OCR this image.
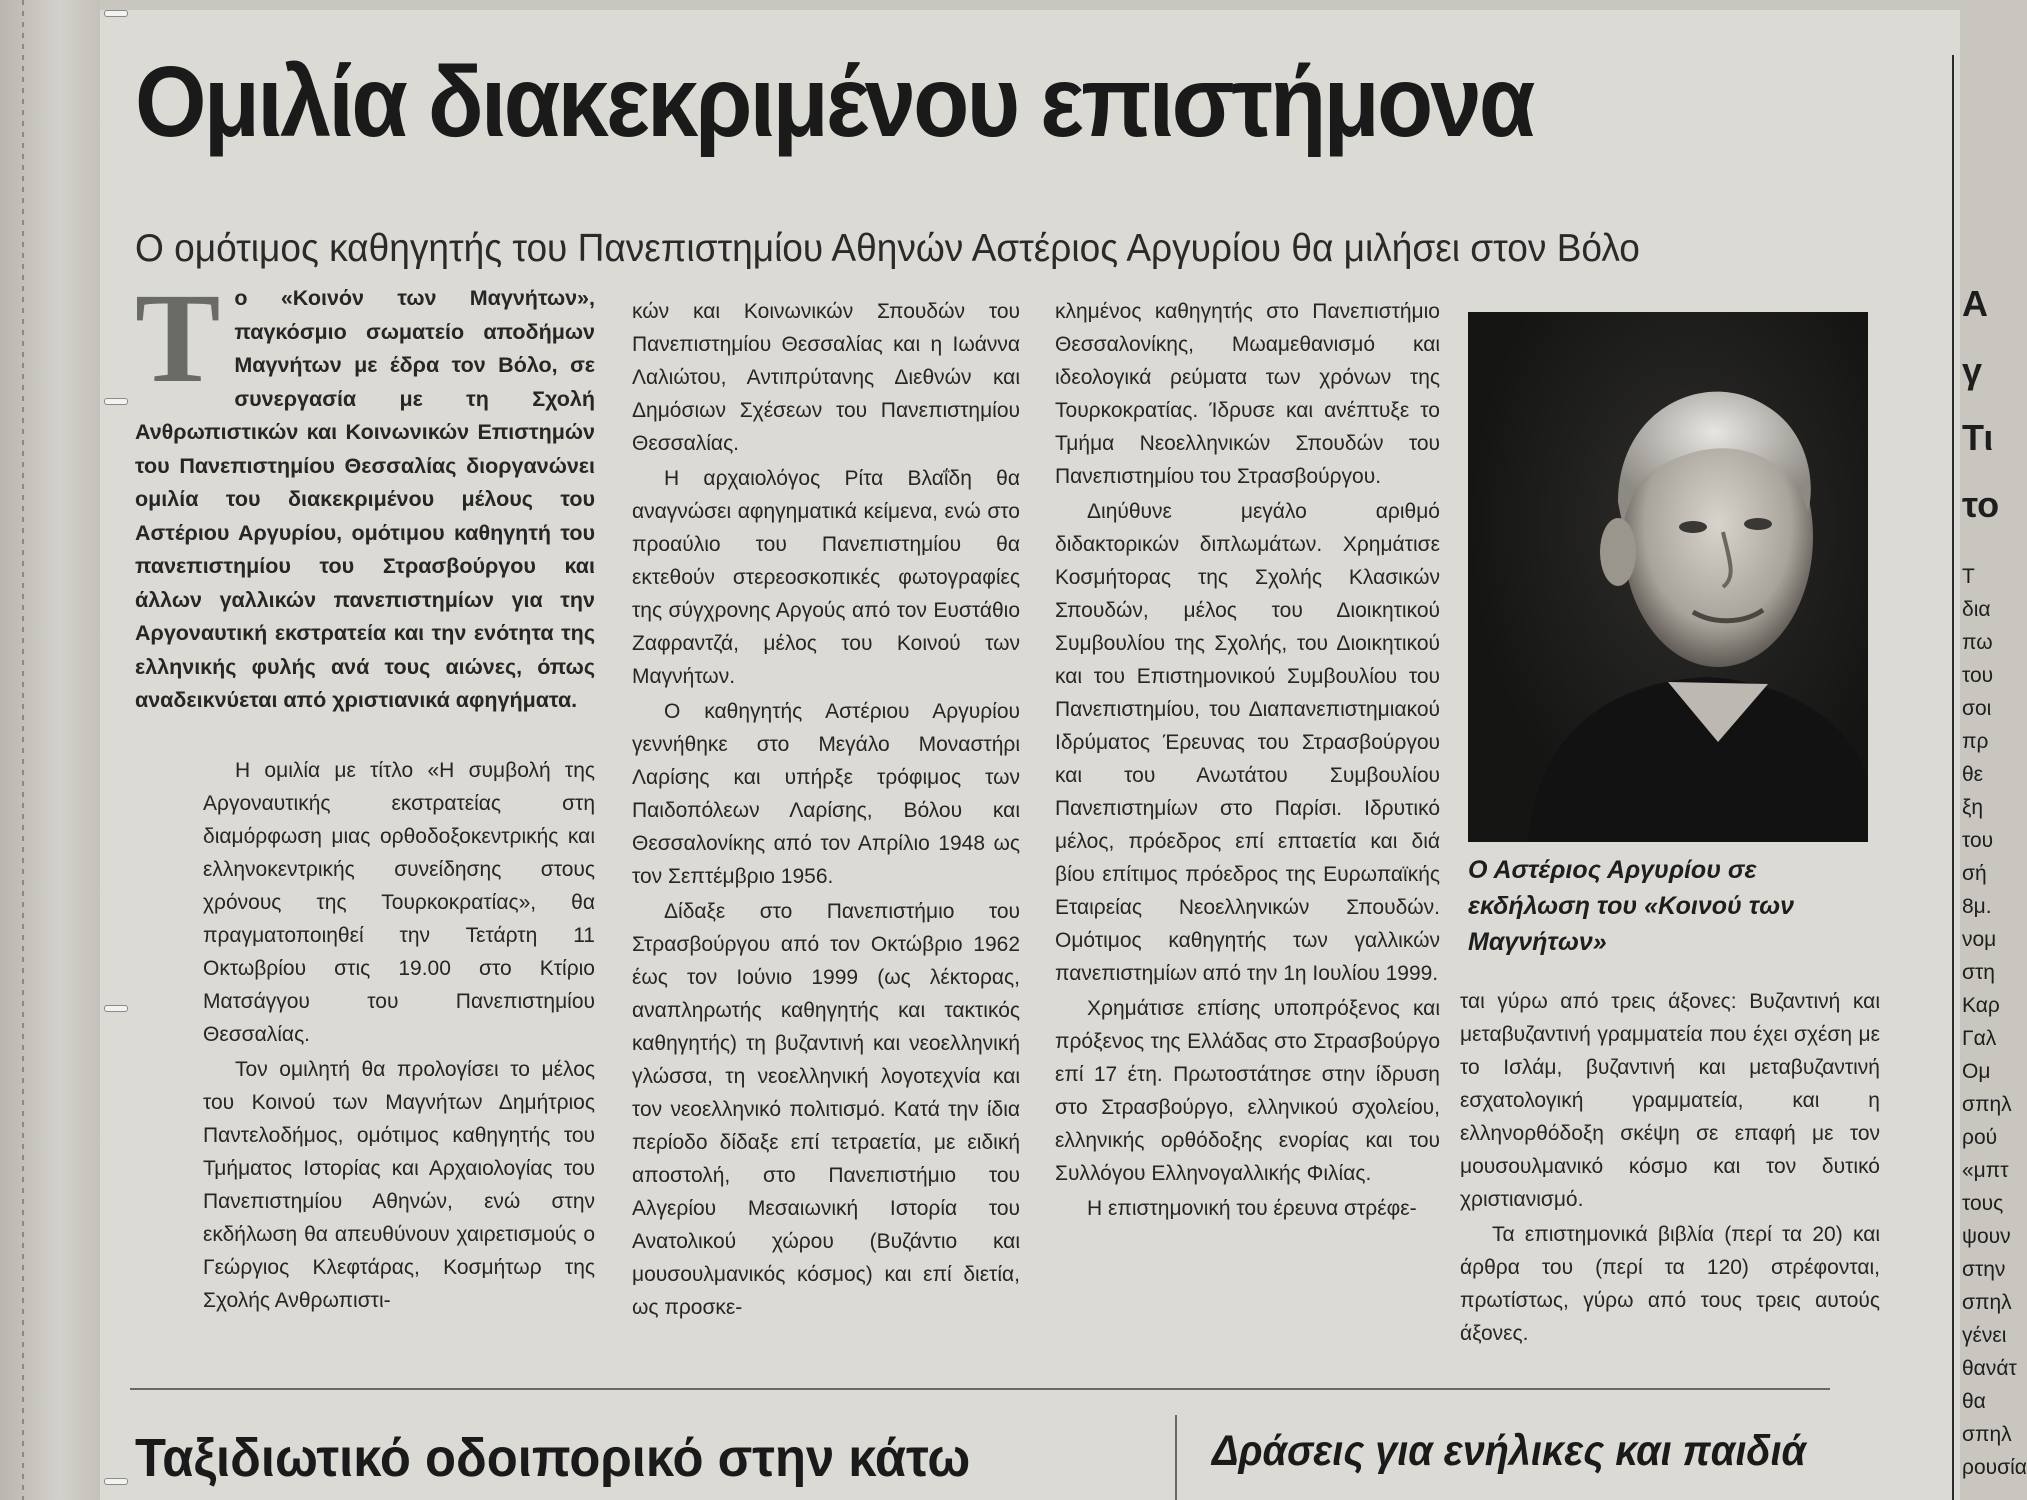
Ομιλία διακεκριμένου επιστήμονα
Ο ομότιμος καθηγητής του Πανεπιστημίου Αθηνών Αστέριος Αργυρίου θα μιλήσει στον Βόλο
Το «Κοινόν των Μαγνήτων», παγκόσμιο σωματείο αποδήμων Μαγνήτων με έδρα τον Βόλο, σε συνεργασία με τη Σχολή Ανθρωπιστικών και Κοινωνικών Επιστημών του Πανεπιστημίου Θεσσαλίας διοργανώνει ομιλία του διακεκριμένου μέλους του Αστέριου Αργυρίου, ομότιμου καθηγητή του πανεπιστημίου του Στρασβούργου και άλλων γαλλικών πανεπιστημίων για την Αργοναυτική εκστρατεία και την ενότητα της ελληνικής φυλής ανά τους αιώνες, όπως αναδεικνύεται από χριστιανικά αφηγήματα.

Η ομιλία με τίτλο «Η συμβολή της Αργοναυτικής εκστρατείας στη διαμόρφωση μιας ορθοδοξοκεντρικής και ελληνοκεντρικής συνείδησης στους χρόνους της Τουρκοκρατίας», θα πραγματοποιηθεί την Τετάρτη 11 Οκτωβρίου στις 19.00 στο Κτίριο Ματσάγγου του Πανεπιστημίου Θεσσαλίας.

Τον ομιλητή θα προλογίσει το μέλος του Κοινού των Μαγνήτων Δημήτριος Παντελοδήμος, ομότιμος καθηγητής του Τμήματος Ιστορίας και Αρχαιολογίας του Πανεπιστημίου Αθηνών, ενώ στην εκδήλωση θα απευθύνουν χαιρετισμούς ο Γεώργιος Κλεφτάρας, Κοσμήτωρ της Σχολής Ανθρωπιστι-

κών και Κοινωνικών Σπουδών του Πανεπιστημίου Θεσσαλίας και η Ιωάννα Λαλιώτου, Αντιπρύτανης Διεθνών και Δημόσιων Σχέσεων του Πανεπιστημίου Θεσσαλίας.

Η αρχαιολόγος Ρίτα Βλαΐδη θα αναγνώσει αφηγηματικά κείμενα, ενώ στο προαύλιο του Πανεπιστημίου θα εκτεθούν στερεοσκοπικές φωτογραφίες της σύγχρονης Αργούς από τον Ευστάθιο Ζαφραντζά, μέλος του Κοινού των Μαγνήτων.

Ο καθηγητής Αστέριου Αργυρίου γεννήθηκε στο Μεγάλο Μοναστήρι Λαρίσης και υπήρξε τρόφιμος των Παιδοπόλεων Λαρίσης, Βόλου και Θεσσαλονίκης από τον Απρίλιο 1948 ως τον Σεπτέμβριο 1956.

Δίδαξε στο Πανεπιστήμιο του Στρασβούργου από τον Οκτώβριο 1962 έως τον Ιούνιο 1999 (ως λέκτορας, αναπληρωτής καθηγητής και τακτικός καθηγητής) τη βυζαντινή και νεοελληνική γλώσσα, τη νεοελληνική λογοτεχνία και τον νεοελληνικό πολιτισμό. Κατά την ίδια περίοδο δίδαξε επί τετραετία, με ειδική αποστολή, στο Πανεπιστήμιο του Αλγερίου Μεσαιωνική Ιστορία του Ανατολικού χώρου (Βυζάντιο και μουσουλμανικός κόσμος) και επί διετία, ως προσκε-

κλημένος καθηγητής στο Πανεπιστήμιο Θεσσαλονίκης, Μωαμεθανισμό και ιδεολογικά ρεύματα των χρόνων της Τουρκοκρατίας. Ίδρυσε και ανέπτυξε το Τμήμα Νεοελληνικών Σπουδών του Πανεπιστημίου του Στρασβούργου.

Διηύθυνε μεγάλο αριθμό διδακτορικών διπλωμάτων. Χρημάτισε Κοσμήτορας της Σχολής Κλασικών Σπουδών, μέλος του Διοικητικού Συμβουλίου της Σχολής, του Διοικητικού και του Επιστημονικού Συμβουλίου του Πανεπιστημίου, του Διαπανεπιστημιακού Ιδρύματος Έρευνας του Στρασβούργου και του Ανωτάτου Συμβουλίου Πανεπιστημίων στο Παρίσι. Ιδρυτικό μέλος, πρόεδρος επί επταετία και διά βίου επίτιμος πρόεδρος της Ευρωπαϊκής Εταιρείας Νεοελληνικών Σπουδών. Ομότιμος καθηγητής των γαλλικών πανεπιστημίων από την 1η Ιουλίου 1999.

Χρημάτισε επίσης υποπρόξενος και πρόξενος της Ελλάδας στο Στρασβούργο επί 17 έτη. Πρωτοστάτησε στην ίδρυση στο Στρασβούργο, ελληνικού σχολείου, ελληνικής ορθόδοξης ενορίας και του Συλλόγου Ελληνογαλλικής Φιλίας.

Η επιστημονική του έρευνα στρέφε-

Ο Αστέριος Αργυρίου σε εκδήλωση του «Κοινού των Μαγνήτων»

ται γύρω από τρεις άξονες: Βυζαντινή και μεταβυζαντινή γραμματεία που έχει σχέση με το Ισλάμ, βυζαντινή και μεταβυζαντινή εσχατολογική γραμματεία, και η ελληνορθόδοξη σκέψη σε επαφή με τον μουσουλμανικό κόσμο και τον δυτικό χριστιανισμό.

Τα επιστημονικά βιβλία (περί τα 20) και άρθρα του (περί τα 120) στρέφονται, πρωτίστως, γύρω από τους τρεις αυτούς άξονες.

Ταξιδιωτικό οδοιπορικό στην κάτω	Δράσεις για ενήλικες και παιδιά
A
γ
Τι
το
Τ
δια
πω
του
σοι
πρ
θε
ξη
του
σή
8μ.
νομ
στη
Καρ
Γαλ
Ομ
σπηλ
ρού
«μπτ
τους
ψουν
στην
σπηλ
γένει
θανάτ
θα
σπηλ
ρουσία
